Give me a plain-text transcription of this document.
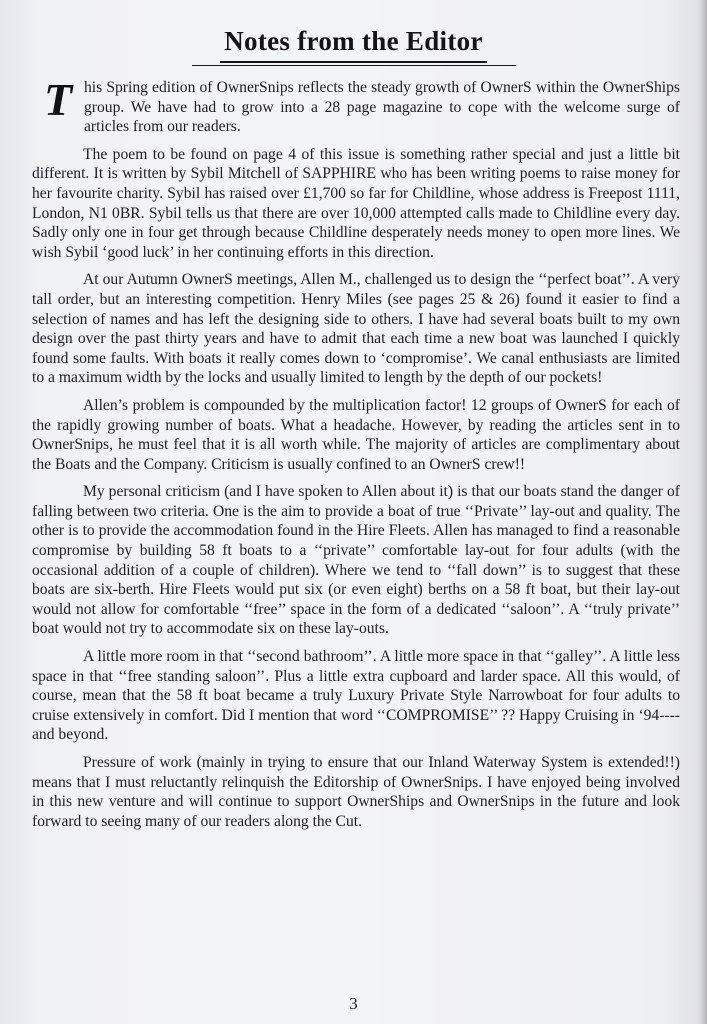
Notes from the Editor

This Spring edition of OwnerSnips reflects the steady growth of OwnerS within the OwnerShips group. We have had to grow into a 28 page magazine to cope with the welcome surge of articles from our readers.

The poem to be found on page 4 of this issue is something rather special and just a little bit different. It is written by Sybil Mitchell of SAPPHIRE who has been writing poems to raise money for her favourite charity. Sybil has raised over £1,700 so far for Childline, whose address is Freepost 1111, London, N1 0BR. Sybil tells us that there are over 10,000 attempted calls made to Childline every day. Sadly only one in four get through because Childline desperately needs money to open more lines. We wish Sybil ‘good luck’ in her continuing efforts in this direction.

At our Autumn OwnerS meetings, Allen M., challenged us to design the ‘‘perfect boat’’. A very tall order, but an interesting competition. Henry Miles (see pages 25 & 26) found it easier to find a selection of names and has left the designing side to others. I have had several boats built to my own design over the past thirty years and have to admit that each time a new boat was launched I quickly found some faults. With boats it really comes down to ‘compromise’. We canal enthusiasts are limited to a maximum width by the locks and usually limited to length by the depth of our pockets!

Allen’s problem is compounded by the multiplication factor! 12 groups of OwnerS for each of the rapidly growing number of boats. What a headache. However, by reading the articles sent in to OwnerSnips, he must feel that it is all worth while. The majority of articles are complimentary about the Boats and the Company. Criticism is usually confined to an OwnerS crew!!

My personal criticism (and I have spoken to Allen about it) is that our boats stand the danger of falling between two criteria. One is the aim to provide a boat of true ‘‘Private’’ lay-out and quality. The other is to provide the accommodation found in the Hire Fleets. Allen has managed to find a reasonable compromise by building 58 ft boats to a ‘‘private’’ comfortable lay-out for four adults (with the occasional addition of a couple of children). Where we tend to ‘‘fall down’’ is to suggest that these boats are six-berth. Hire Fleets would put six (or even eight) berths on a 58 ft boat, but their lay-out would not allow for comfortable ‘‘free’’ space in the form of a dedicated ‘‘saloon’’. A ‘‘truly private’’ boat would not try to accommodate six on these lay-outs.

A little more room in that ‘‘second bathroom’’. A little more space in that ‘‘galley’’. A little less space in that ‘‘free standing saloon’’. Plus a little extra cupboard and larder space. All this would, of course, mean that the 58 ft boat became a truly Luxury Private Style Narrowboat for four adults to cruise extensively in comfort. Did I mention that word ‘‘COMPROMISE’’ ?? Happy Cruising in ‘94----and beyond.

Pressure of work (mainly in trying to ensure that our Inland Waterway System is extended!!) means that I must reluctantly relinquish the Editorship of OwnerSnips. I have enjoyed being involved in this new venture and will continue to support OwnerShips and OwnerSnips in the future and look forward to seeing many of our readers along the Cut.

3
